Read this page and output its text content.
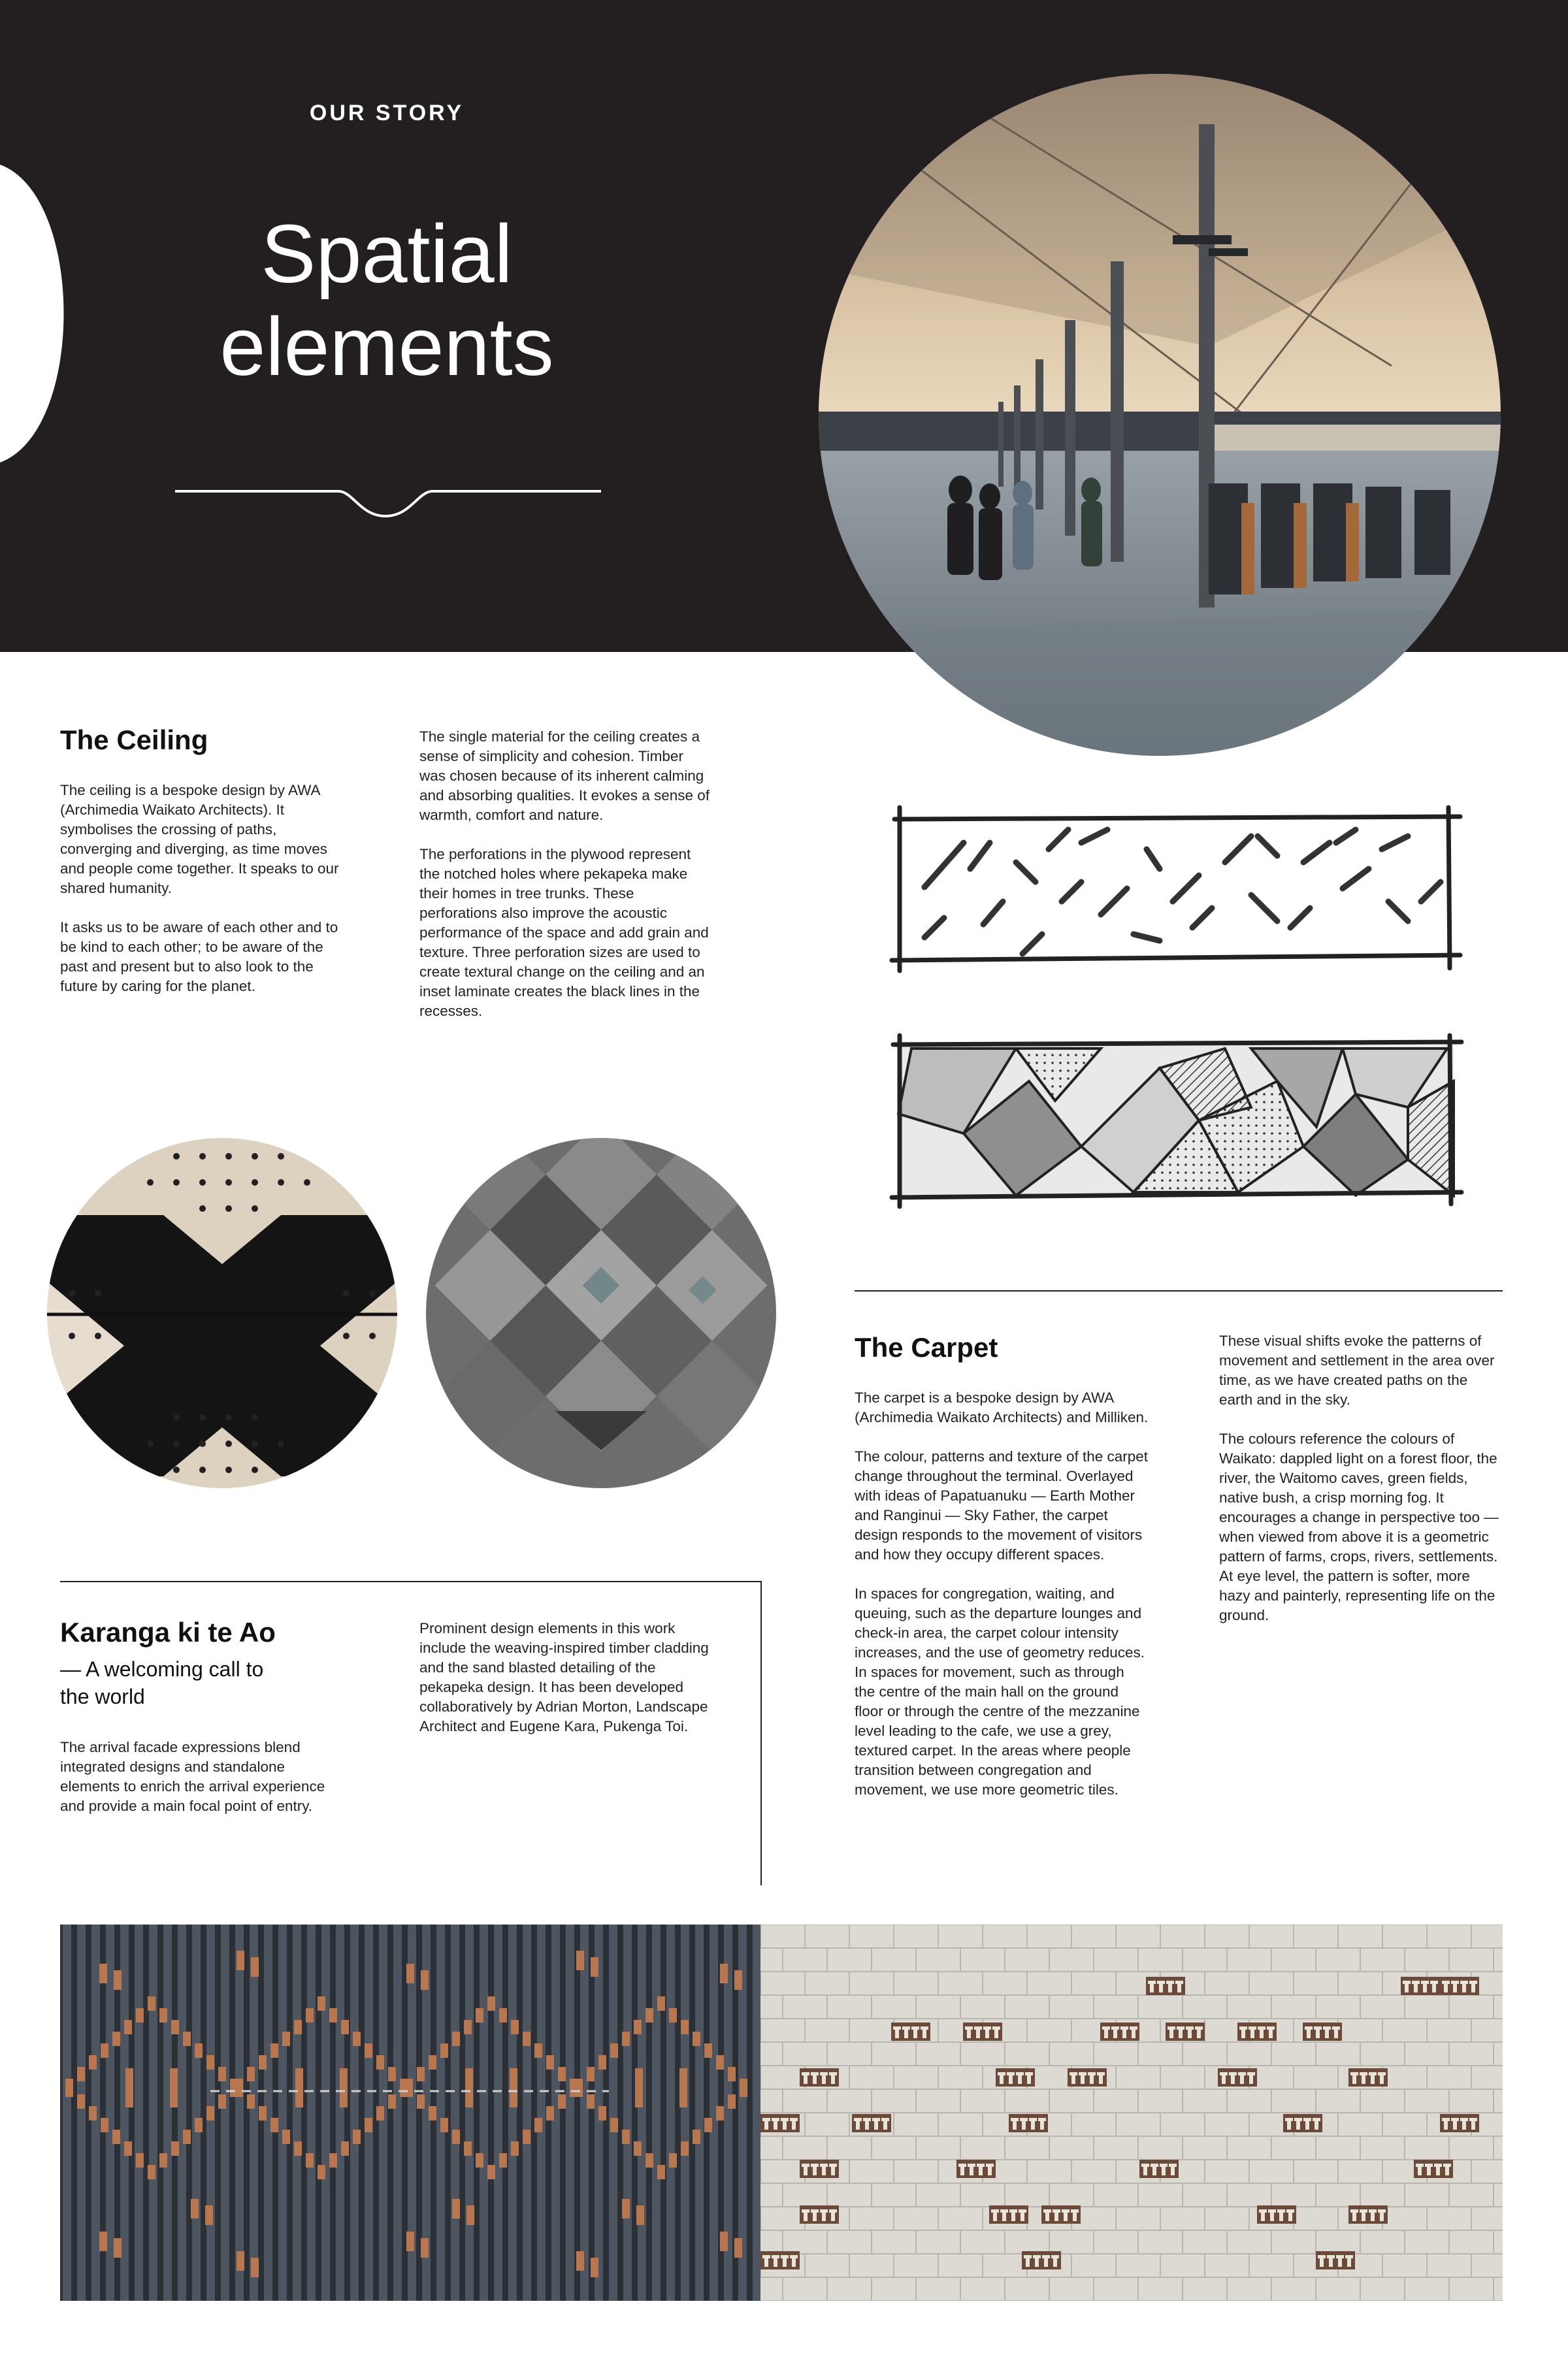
OUR STORY
Spatial
elements
The Ceiling

The ceiling is a bespoke design by AWA (Archimedia Waikato Architects). It symbolises the crossing of paths, converging and diverging, as time moves and people come together. It speaks to our shared humanity.

It asks us to be aware of each other and to be kind to each other; to be aware of the past and present but to also look to the future by caring for the planet.

The single material for the ceiling creates a sense of simplicity and cohesion. Timber was chosen because of its inherent calming and absorbing qualities. It evokes a sense of warmth, comfort and nature.

The perforations in the plywood represent the notched holes where pekapeka make their homes in tree trunks. These perforations also improve the acoustic performance of the space and add grain and texture. Three perforation sizes are used to create textural change on the ceiling and an inset laminate creates the black lines in the recesses.

The Carpet

The carpet is a bespoke design by AWA (Archimedia Waikato Architects) and Milliken.

The colour, patterns and texture of the carpet change throughout the terminal. Overlayed with ideas of Papatuanuku — Earth Mother and Ranginui — Sky Father, the carpet design responds to the movement of visitors and how they occupy different spaces.

In spaces for congregation, waiting, and queuing, such as the departure lounges and check-in area, the carpet colour intensity increases, and the use of geometry reduces. In spaces for movement, such as through the centre of the main hall on the ground floor or through the centre of the mezzanine level leading to the cafe, we use a grey, textured carpet. In the areas where people transition between congregation and movement, we use more geometric tiles.

These visual shifts evoke the patterns of movement and settlement in the area over time, as we have created paths on the earth and in the sky.

The colours reference the colours of Waikato: dappled light on a forest floor, the river, the Waitomo caves, green fields, native bush, a crisp morning fog. It encourages a change in perspective too — when viewed from above it is a geometric pattern of farms, crops, rivers, settlements. At eye level, the pattern is softer, more hazy and painterly, representing life on the ground.

Karanga ki te Ao
— A welcoming call to the world

The arrival facade expressions blend integrated designs and standalone elements to enrich the arrival experience and provide a main focal point of entry.

Prominent design elements in this work include the weaving-inspired timber cladding and the sand blasted detailing of the pekapeka design. It has been developed collaboratively by Adrian Morton, Landscape Architect and Eugene Kara, Pukenga Toi.
